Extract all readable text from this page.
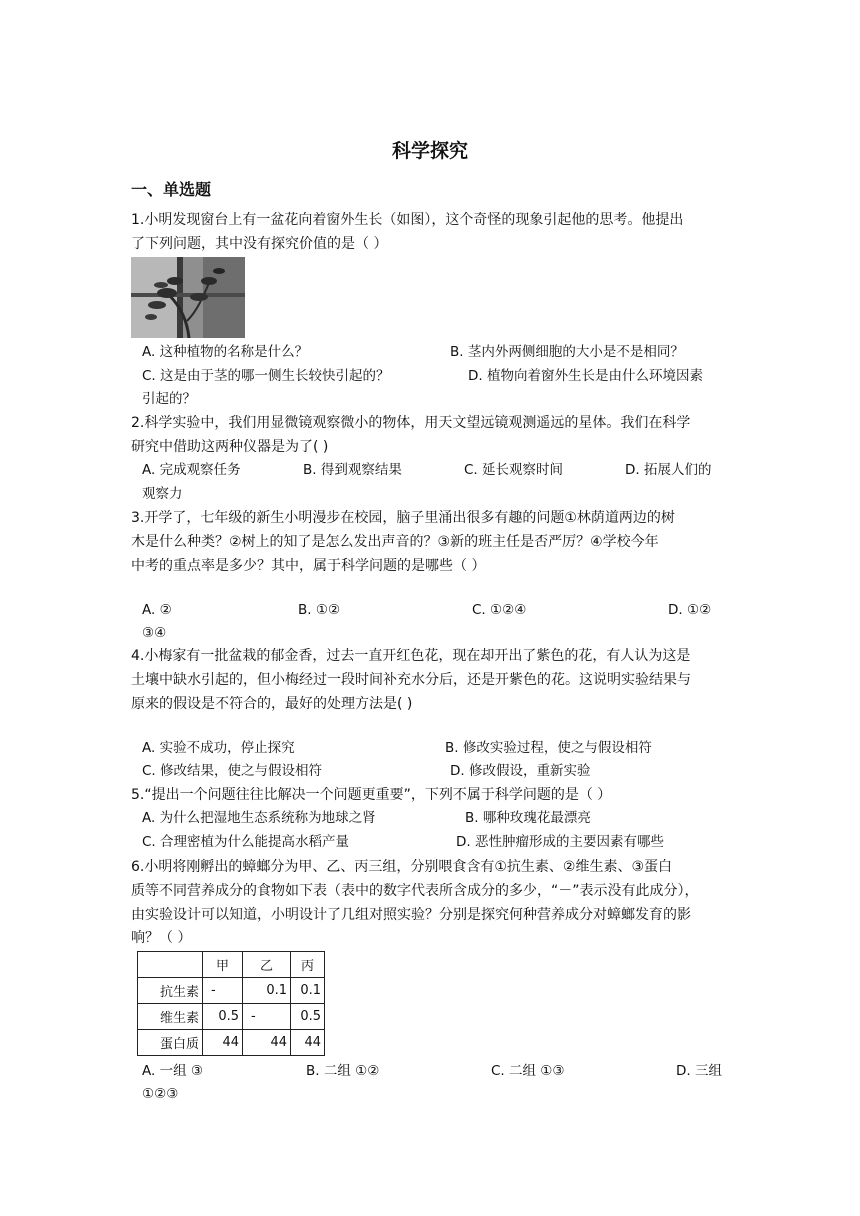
科学探究
一、单选题
1.小明发现窗台上有一盆花向着窗外生长（如图），这个奇怪的现象引起他的思考。他提出
了下列问题，其中没有探究价值的是（ ）
A. 这种植物的名称是什么？	B. 茎内外两侧细胞的大小是不是相同？
C. 这是由于茎的哪一侧生长较快引起的？	D. 植物向着窗外生长是由什么环境因素
引起的？
2.科学实验中，我们用显微镜观察微小的物体，用天文望远镜观测遥远的星体。我们在科学
研究中借助这两种仪器是为了( )
A. 完成观察任务	B. 得到观察结果	C. 延长观察时间	D. 拓展人们的
观察力
3.开学了，七年级的新生小明漫步在校园，脑子里涌出很多有趣的问题①林荫道两边的树
木是什么种类？②树上的知了是怎么发出声音的？③新的班主任是否严厉？④学校今年
中考的重点率是多少？其中，属于科学问题的是哪些（ ）
A. ②	B. ①②	C. ①②④	D. ①②
③④
4.小梅家有一批盆栽的郁金香，过去一直开红色花，现在却开出了紫色的花，有人认为这是
土壤中缺水引起的，但小梅经过一段时间补充水分后，还是开紫色的花。这说明实验结果与
原来的假设是不符合的，最好的处理方法是( )
A. 实验不成功，停止探究	B. 修改实验过程，使之与假设相符
C. 修改结果，使之与假设相符	D. 修改假设，重新实验
5.“提出一个问题往往比解决一个问题更重要”，下列不属于科学问题的是（ ）
A. 为什么把湿地生态系统称为地球之肾	B. 哪种玫瑰花最漂亮
C. 合理密植为什么能提高水稻产量	D. 恶性肿瘤形成的主要因素有哪些
6.小明将刚孵出的蟑螂分为甲、乙、丙三组，分别喂食含有①抗生素、②维生素、③蛋白
质等不同营养成分的食物如下表（表中的数字代表所含成分的多少，“－”表示没有此成分），
由实验设计可以知道，小明设计了几组对照实验？分别是探究何种营养成分对蟑螂发育的影
响？（ ）
	甲	乙	丙
抗生素	-	0.1	0.1
维生素	0.5	-	0.5
蛋白质	44	44	44
A. 一组 ③	B. 二组 ①②	C. 二组 ①③	D. 三组
①②③
